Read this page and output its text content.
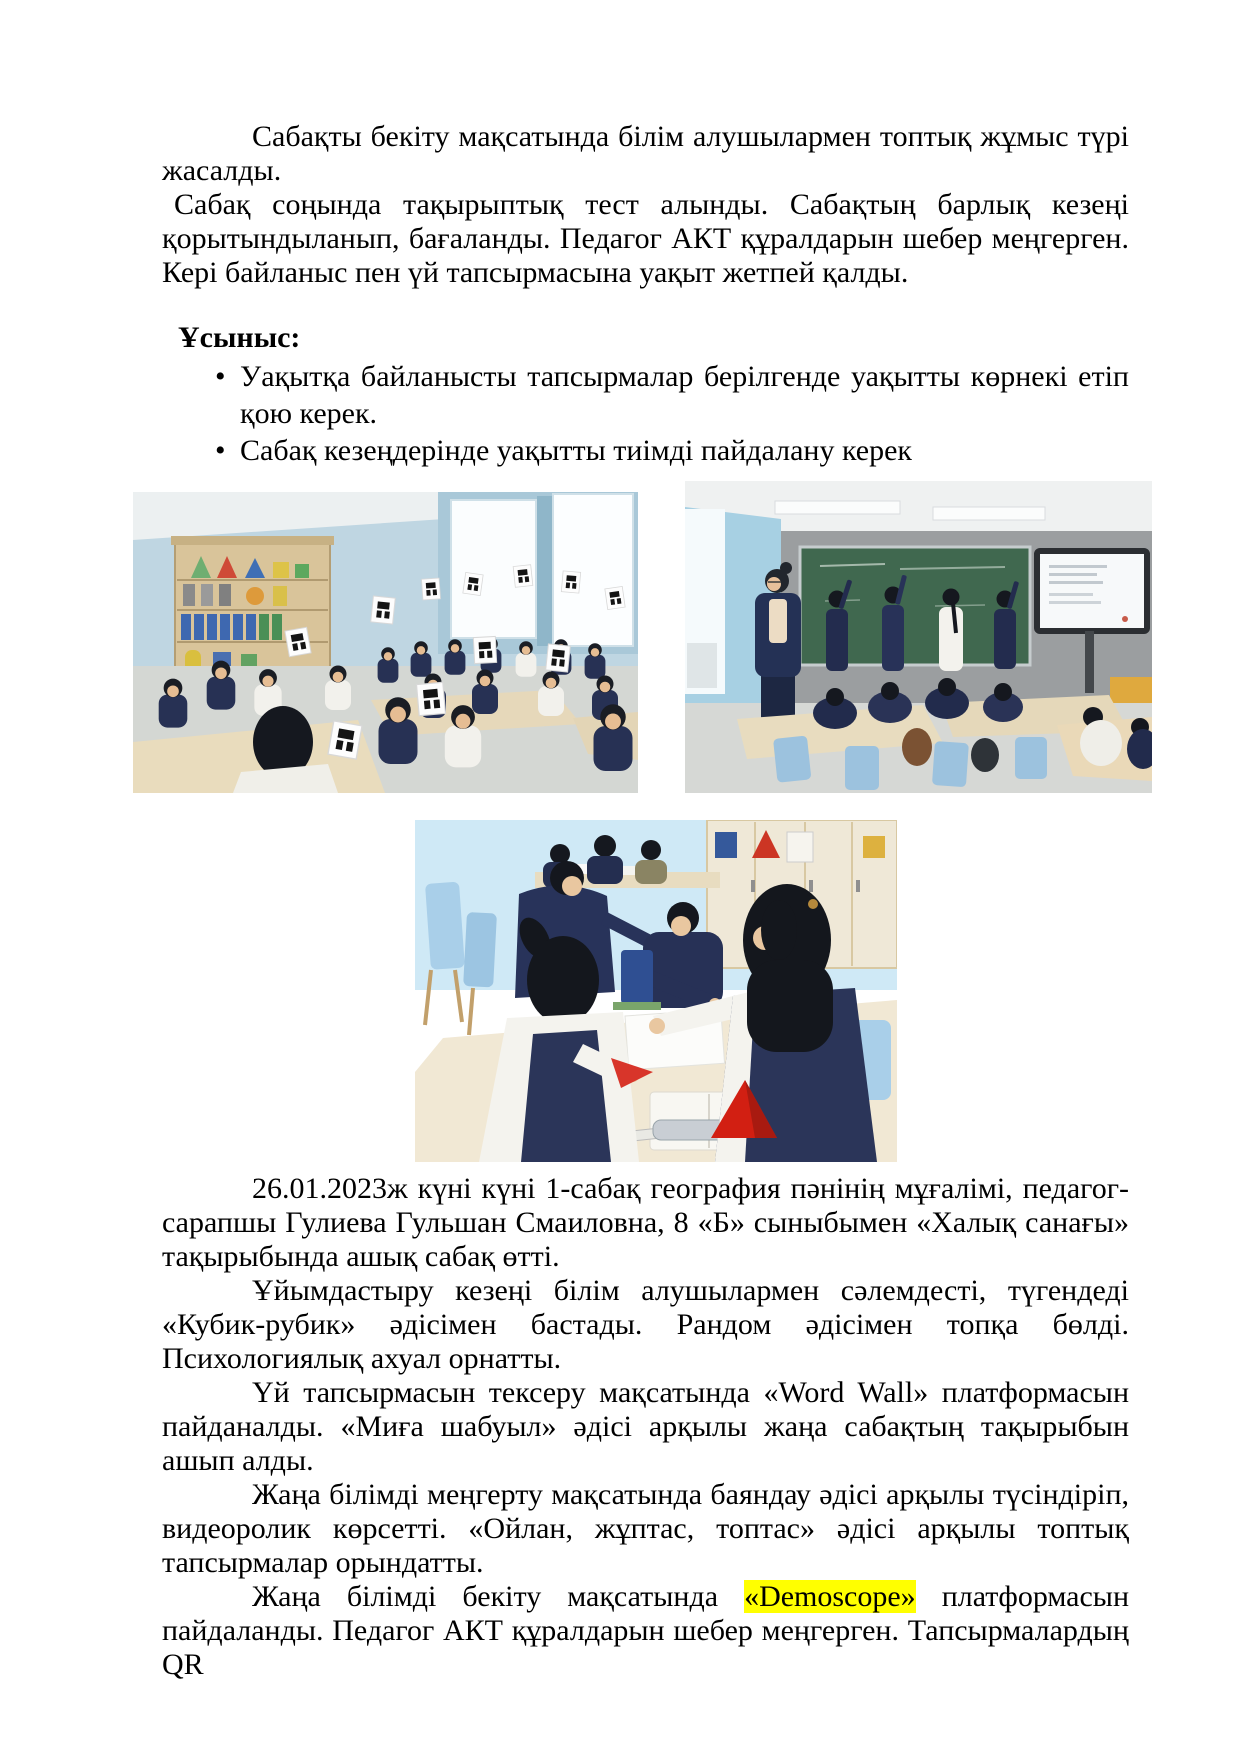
Сабақты бекіту мақсатында білім алушылармен топтық жұмыс түрі жасалды.

Сабақ соңында тақырыптық тест алынды. Сабақтың барлық кезеңі қорытындыланып, бағаланды. Педагог АКТ құралдарын шебер меңгерген. Кері байланыс пен үй тапсырмасына уақыт жетпей қалды.

Ұсыныс:
• Уақытқа байланысты тапсырмалар берілгенде уақытты көрнекі етіп қою керек.
• Сабақ кезеңдерінде уақытты тиімді пайдалану керек

26.01.2023ж күні күні 1-сабақ география пәнінің мұғалімі, педагог-сарапшы Гулиева Гульшан Смаиловна, 8 «Б» сыныбымен «Халық санағы» тақырыбында ашық сабақ өтті.

Ұйымдастыру кезеңі білім алушылармен сәлемдесті, түгендеді «Кубик-рубик» әдісімен бастады. Рандом әдісімен топқа бөлді. Психологиялық ахуал орнатты.

Үй тапсырмасын тексеру мақсатында «Word Wall» платформасын пайданалды. «Миға шабуыл» әдісі арқылы жаңа сабақтың тақырыбын ашып алды.

Жаңа білімді меңгерту мақсатында баяндау әдісі арқылы түсіндіріп, видеоролик көрсетті. «Ойлан, жұптас, топтас» әдісі арқылы топтық тапсырмалар орындатты.

Жаңа білімді бекіту мақсатында «Demoscope» платформасын пайдаланды. Педагог АКТ құралдарын шебер меңгерген. Тапсырмалардың QR
